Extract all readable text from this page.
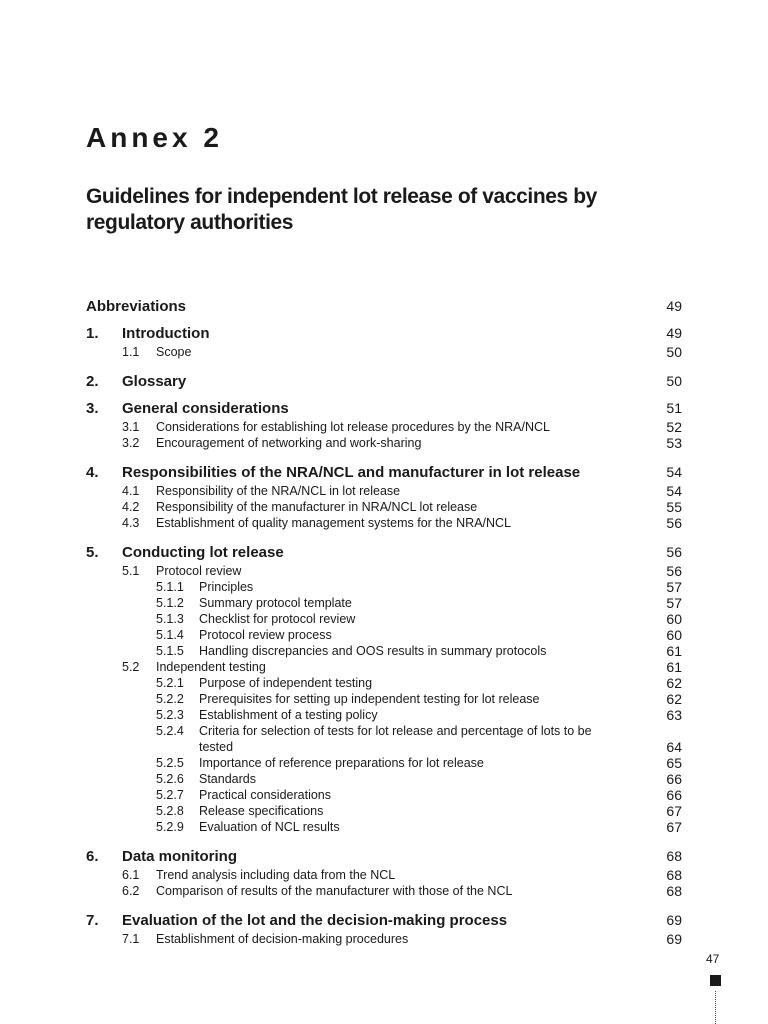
Annex 2
Guidelines for independent lot release of vaccines by regulatory authorities
Abbreviations	49
1. Introduction	49
1.1 Scope	50
2. Glossary	50
3. General considerations	51
3.1 Considerations for establishing lot release procedures by the NRA/NCL	52
3.2 Encouragement of networking and work-sharing	53
4. Responsibilities of the NRA/NCL and manufacturer in lot release	54
4.1 Responsibility of the NRA/NCL in lot release	54
4.2 Responsibility of the manufacturer in NRA/NCL lot release	55
4.3 Establishment of quality management systems for the NRA/NCL	56
5. Conducting lot release	56
5.1 Protocol review	56
5.1.1 Principles	57
5.1.2 Summary protocol template	57
5.1.3 Checklist for protocol review	60
5.1.4 Protocol review process	60
5.1.5 Handling discrepancies and OOS results in summary protocols	61
5.2 Independent testing	61
5.2.1 Purpose of independent testing	62
5.2.2 Prerequisites for setting up independent testing for lot release	62
5.2.3 Establishment of a testing policy	63
5.2.4 Criteria for selection of tests for lot release and percentage of lots to be tested	64
5.2.5 Importance of reference preparations for lot release	65
5.2.6 Standards	66
5.2.7 Practical considerations	66
5.2.8 Release specifications	67
5.2.9 Evaluation of NCL results	67
6. Data monitoring	68
6.1 Trend analysis including data from the NCL	68
6.2 Comparison of results of the manufacturer with those of the NCL	68
7. Evaluation of the lot and the decision-making process	69
7.1 Establishment of decision-making procedures	69
47
